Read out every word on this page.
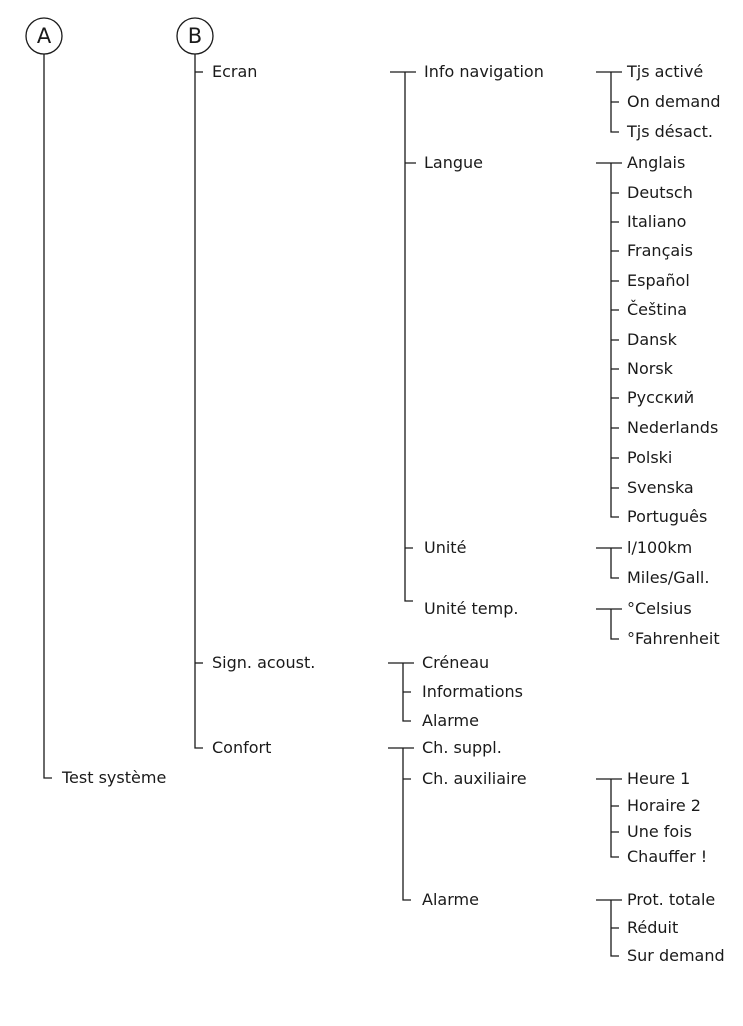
A	B
Ecran
Sign. acoust.
Confort
Test système
Info navigation
Langue
Unité
Unité temp.
Tjs activé
On demand
Tjs désact.
Anglais
Deutsch
Italiano
Français
Español
Čeština
Dansk
Norsk
Русский
Nederlands
Polski
Svenska
Português
l/100km
Miles/Gall.
°Celsius
°Fahrenheit
Créneau
Informations
Alarme
Ch. suppl.
Ch. auxiliaire
Alarme
Heure 1
Horaire 2
Une fois
Chauffer !
Prot. totale
Réduit
Sur demand
